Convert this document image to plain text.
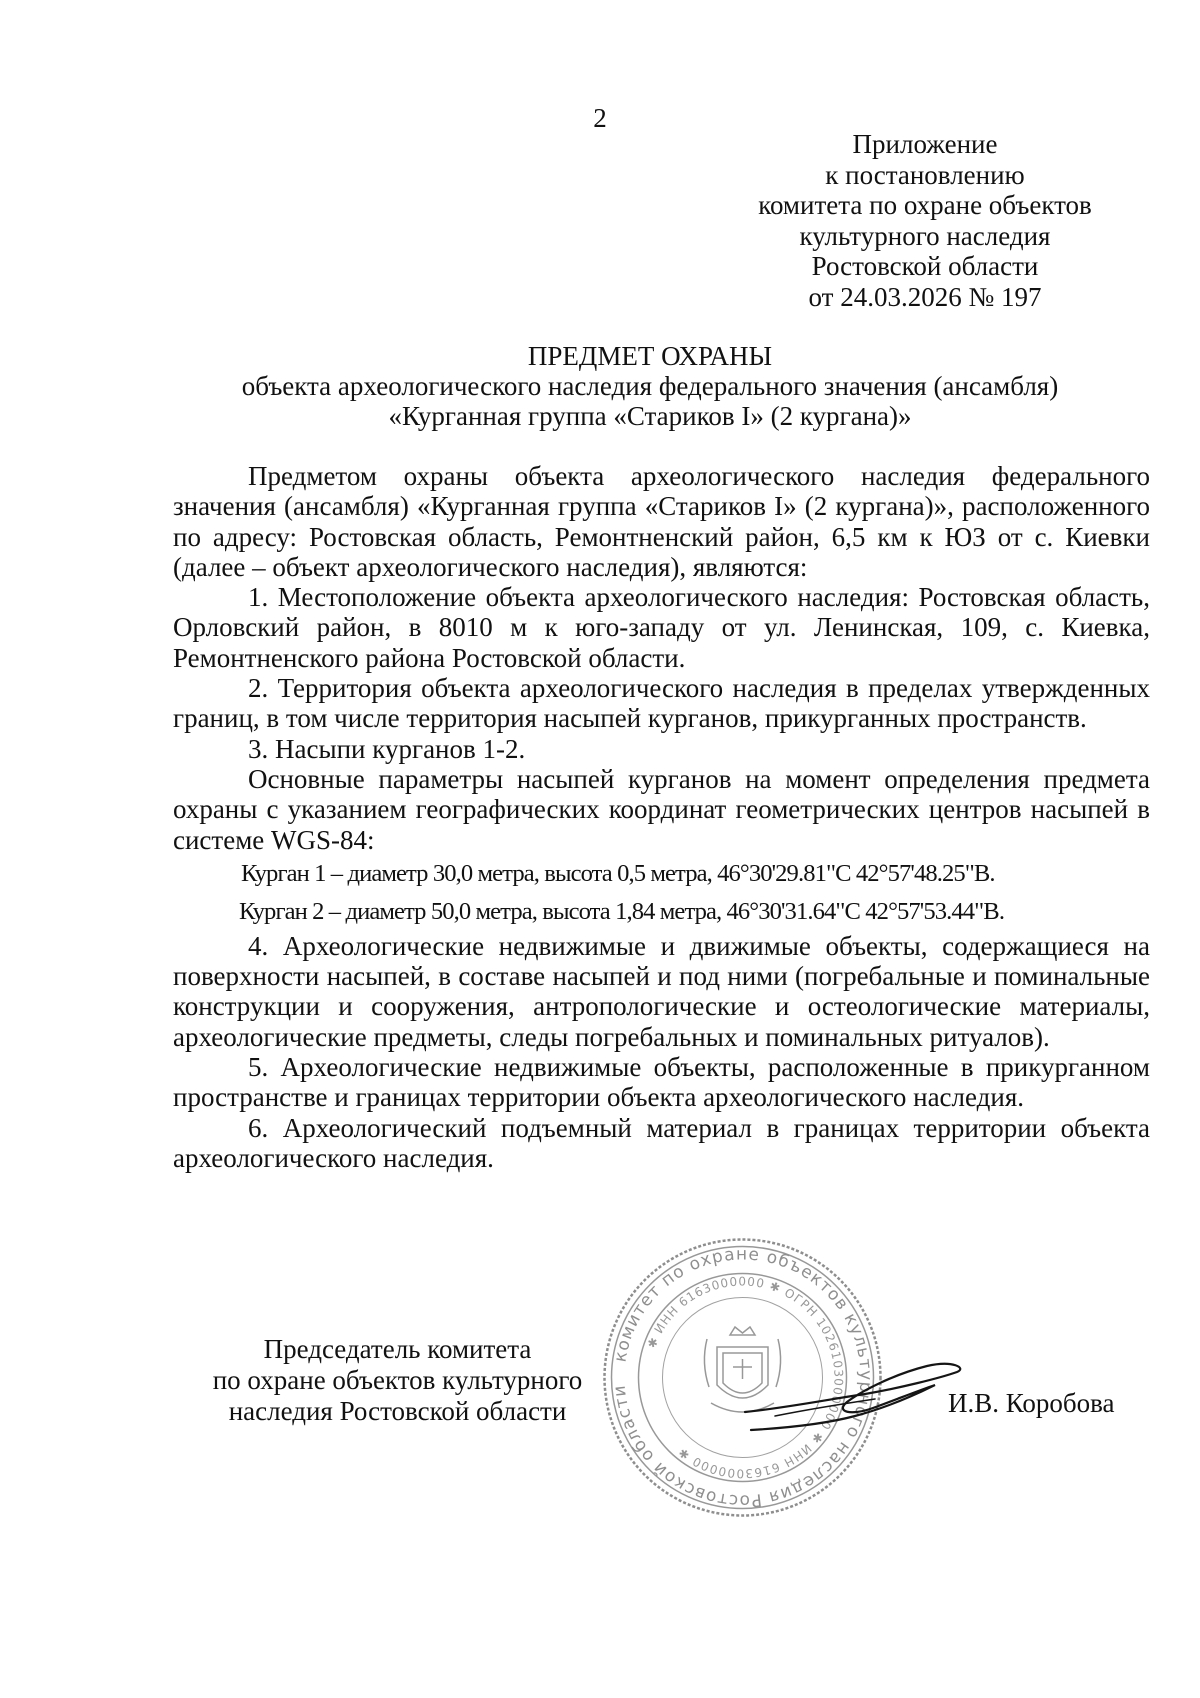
2
Приложение
к постановлению
комитета по охране объектов
культурного наследия
Ростовской области
от 24.03.2026 № 197
ПРЕДМЕТ ОХРАНЫ
объекта археологического наследия федерального значения (ансамбля)
«Курганная группа «Стариков I» (2 кургана)»

Предметом охраны объекта археологического наследия федерального значения (ансамбля) «Курганная группа «Стариков I» (2 кургана)», расположенного по адресу: Ростовская область, Ремонтненский район, 6,5 км к ЮЗ от с. Киевки (далее – объект археологического наследия), являются:

1. Местоположение объекта археологического наследия: Ростовская область, Орловский район, в 8010 м к юго-западу от ул. Ленинская, 109, с. Киевка, Ремонтненского района Ростовской области.

2. Территория объекта археологического наследия в пределах утвержденных границ, в том числе территория насыпей курганов, прикурганных пространств.

3. Насыпи курганов 1-2.

Основные параметры насыпей курганов на момент определения предмета охраны с указанием географических координат геометрических центров насыпей в системе WGS-84:

Курган 1 – диаметр 30,0 метра, высота 0,5 метра, 46°30'29.81"С 42°57'48.25"В.

Курган 2 – диаметр 50,0 метра, высота 1,84 метра, 46°30'31.64"С 42°57'53.44"В.

4. Археологические недвижимые и движимые объекты, содержащиеся на поверхности насыпей, в составе насыпей и под ними (погребальные и поминальные конструкции и сооружения, антропологические и остеологические материалы, археологические предметы, следы погребальных и поминальных ритуалов).

5. Археологические недвижимые объекты, расположенные в прикурганном пространстве и границах территории объекта археологического наследия.

6. Археологический подъемный материал в границах территории объекта археологического наследия.

Председатель комитета
по охране объектов культурного
наследия Ростовской области
комитет по охране объектов культурного наследия Ростовской области
✱ ИНН 6163000000 ✱ ОГРН 1026103000000 ✱ ИНН 6163000000 ✱
И.В. Коробова
